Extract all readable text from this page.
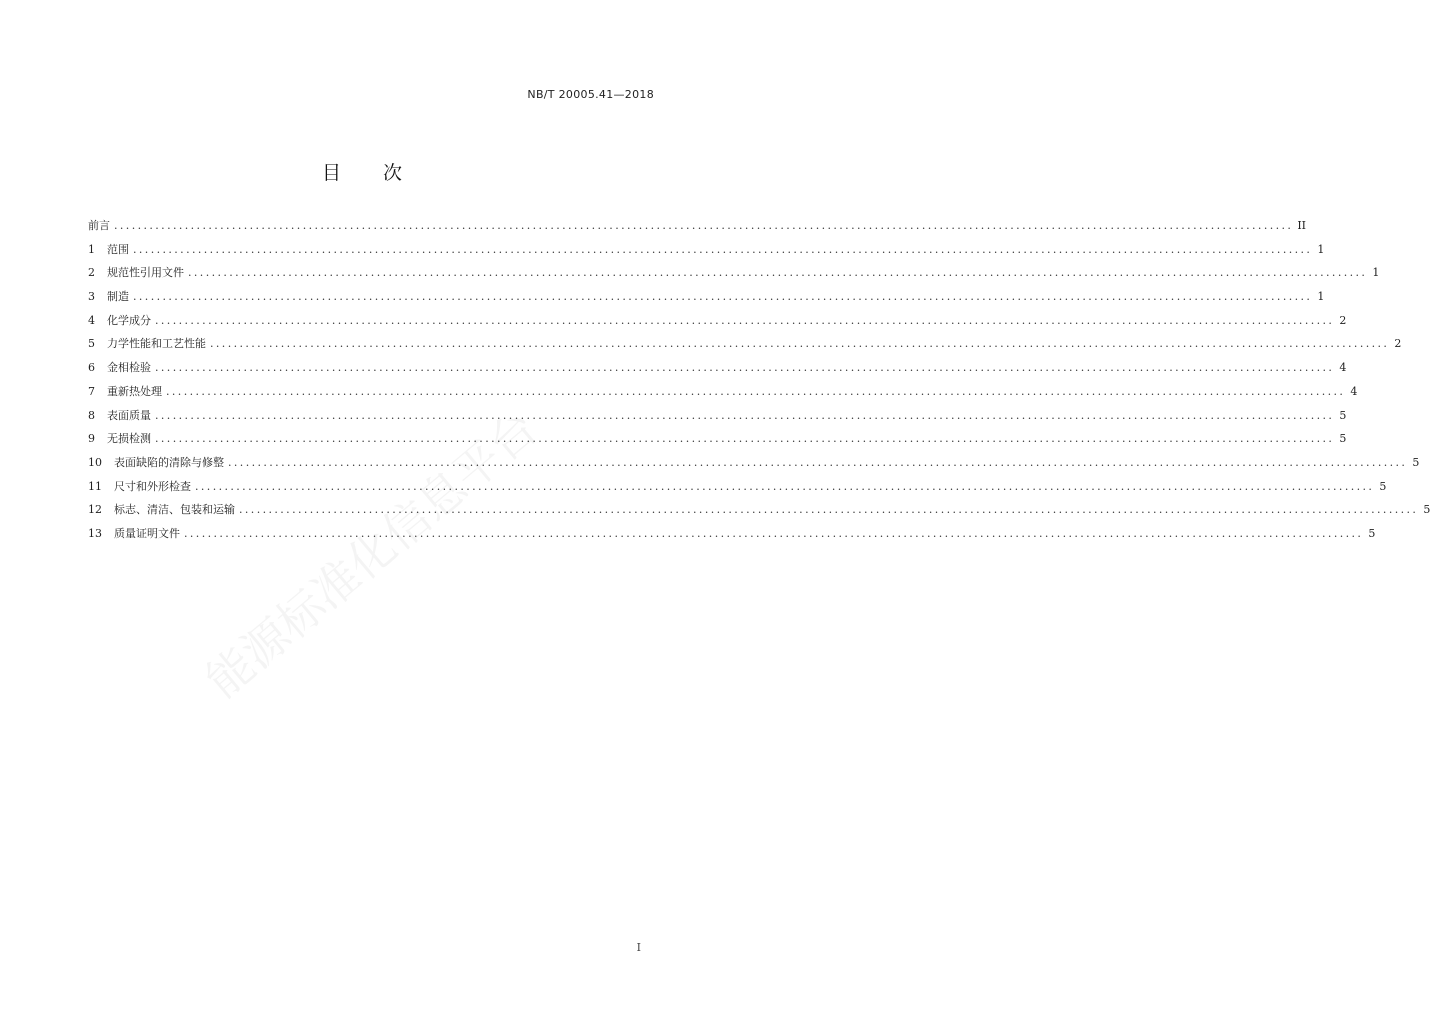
NB/T 20005.41—2018
目 次
前言 ........................................................................................................................................................................................................ II
1	范围 ........................................................................................................................................................................................................ 1
2	规范性引用文件 ........................................................................................................................................................................................................ 1
3	制造 ........................................................................................................................................................................................................ 1
4	化学成分 ........................................................................................................................................................................................................ 2
5	力学性能和工艺性能 ........................................................................................................................................................................................................ 2
6	金相检验 ........................................................................................................................................................................................................ 4
7	重新热处理 ........................................................................................................................................................................................................ 4
8	表面质量 ........................................................................................................................................................................................................ 5
9	无损检测 ........................................................................................................................................................................................................ 5
10	表面缺陷的清除与修整 ........................................................................................................................................................................................................ 5
11	尺寸和外形检查 ........................................................................................................................................................................................................ 5
12	标志、清洁、包装和运输 ........................................................................................................................................................................................................ 5
13	质量证明文件 ........................................................................................................................................................................................................ 5
I
